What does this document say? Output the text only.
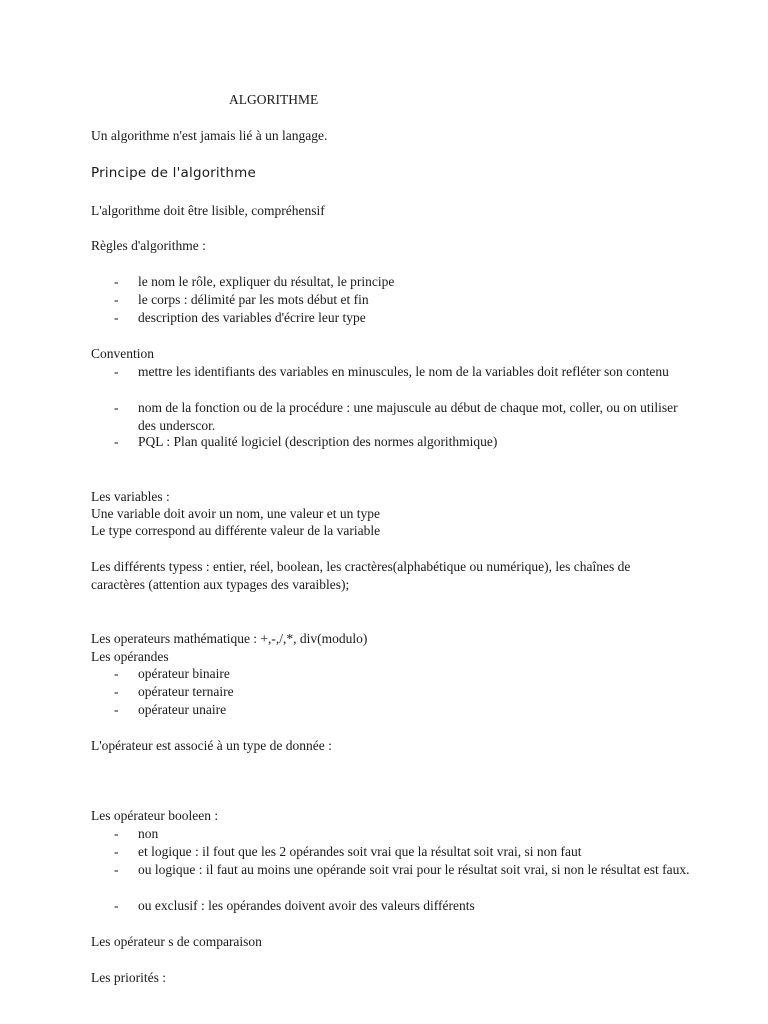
ALGORITHME
Un algorithme n'est jamais lié à un langage.
Principe de l'algorithme
L'algorithme doit être lisible, compréhensif
Règles d'algorithme :
- le nom le rôle, expliquer du résultat, le principe
- le corps : délimité par les mots début et fin
- description des variables d'écrire leur type
Convention
- mettre les identifiants des variables en minuscules, le nom de la variables doit refléter son contenu
- nom de la fonction ou de la procédure : une majuscule au début de chaque mot, coller, ou on utiliser des underscor.
- PQL : Plan qualité logiciel (description des normes algorithmique)
Les variables :
Une variable doit avoir un nom, une valeur et un type
Le type correspond au différente valeur de la variable
Les différents typess : entier, réel, boolean, les cractères(alphabétique ou numérique), les chaînes de caractères (attention aux typages des varaibles);
Les operateurs mathématique : +,-,/,*, div(modulo)
Les opérandes
- opérateur binaire
- opérateur ternaire
- opérateur unaire
L'opérateur est associé à un type de donnée :
Les opérateur booleen :
- non
- et logique : il fout que les 2 opérandes soit vrai que la résultat soit vrai, si non faut
- ou logique : il faut au moins une opérande soit vrai pour le résultat soit vrai, si non le résultat est faux.
- ou exclusif : les opérandes doivent avoir des valeurs différents
Les opérateur s de comparaison
Les priorités :
